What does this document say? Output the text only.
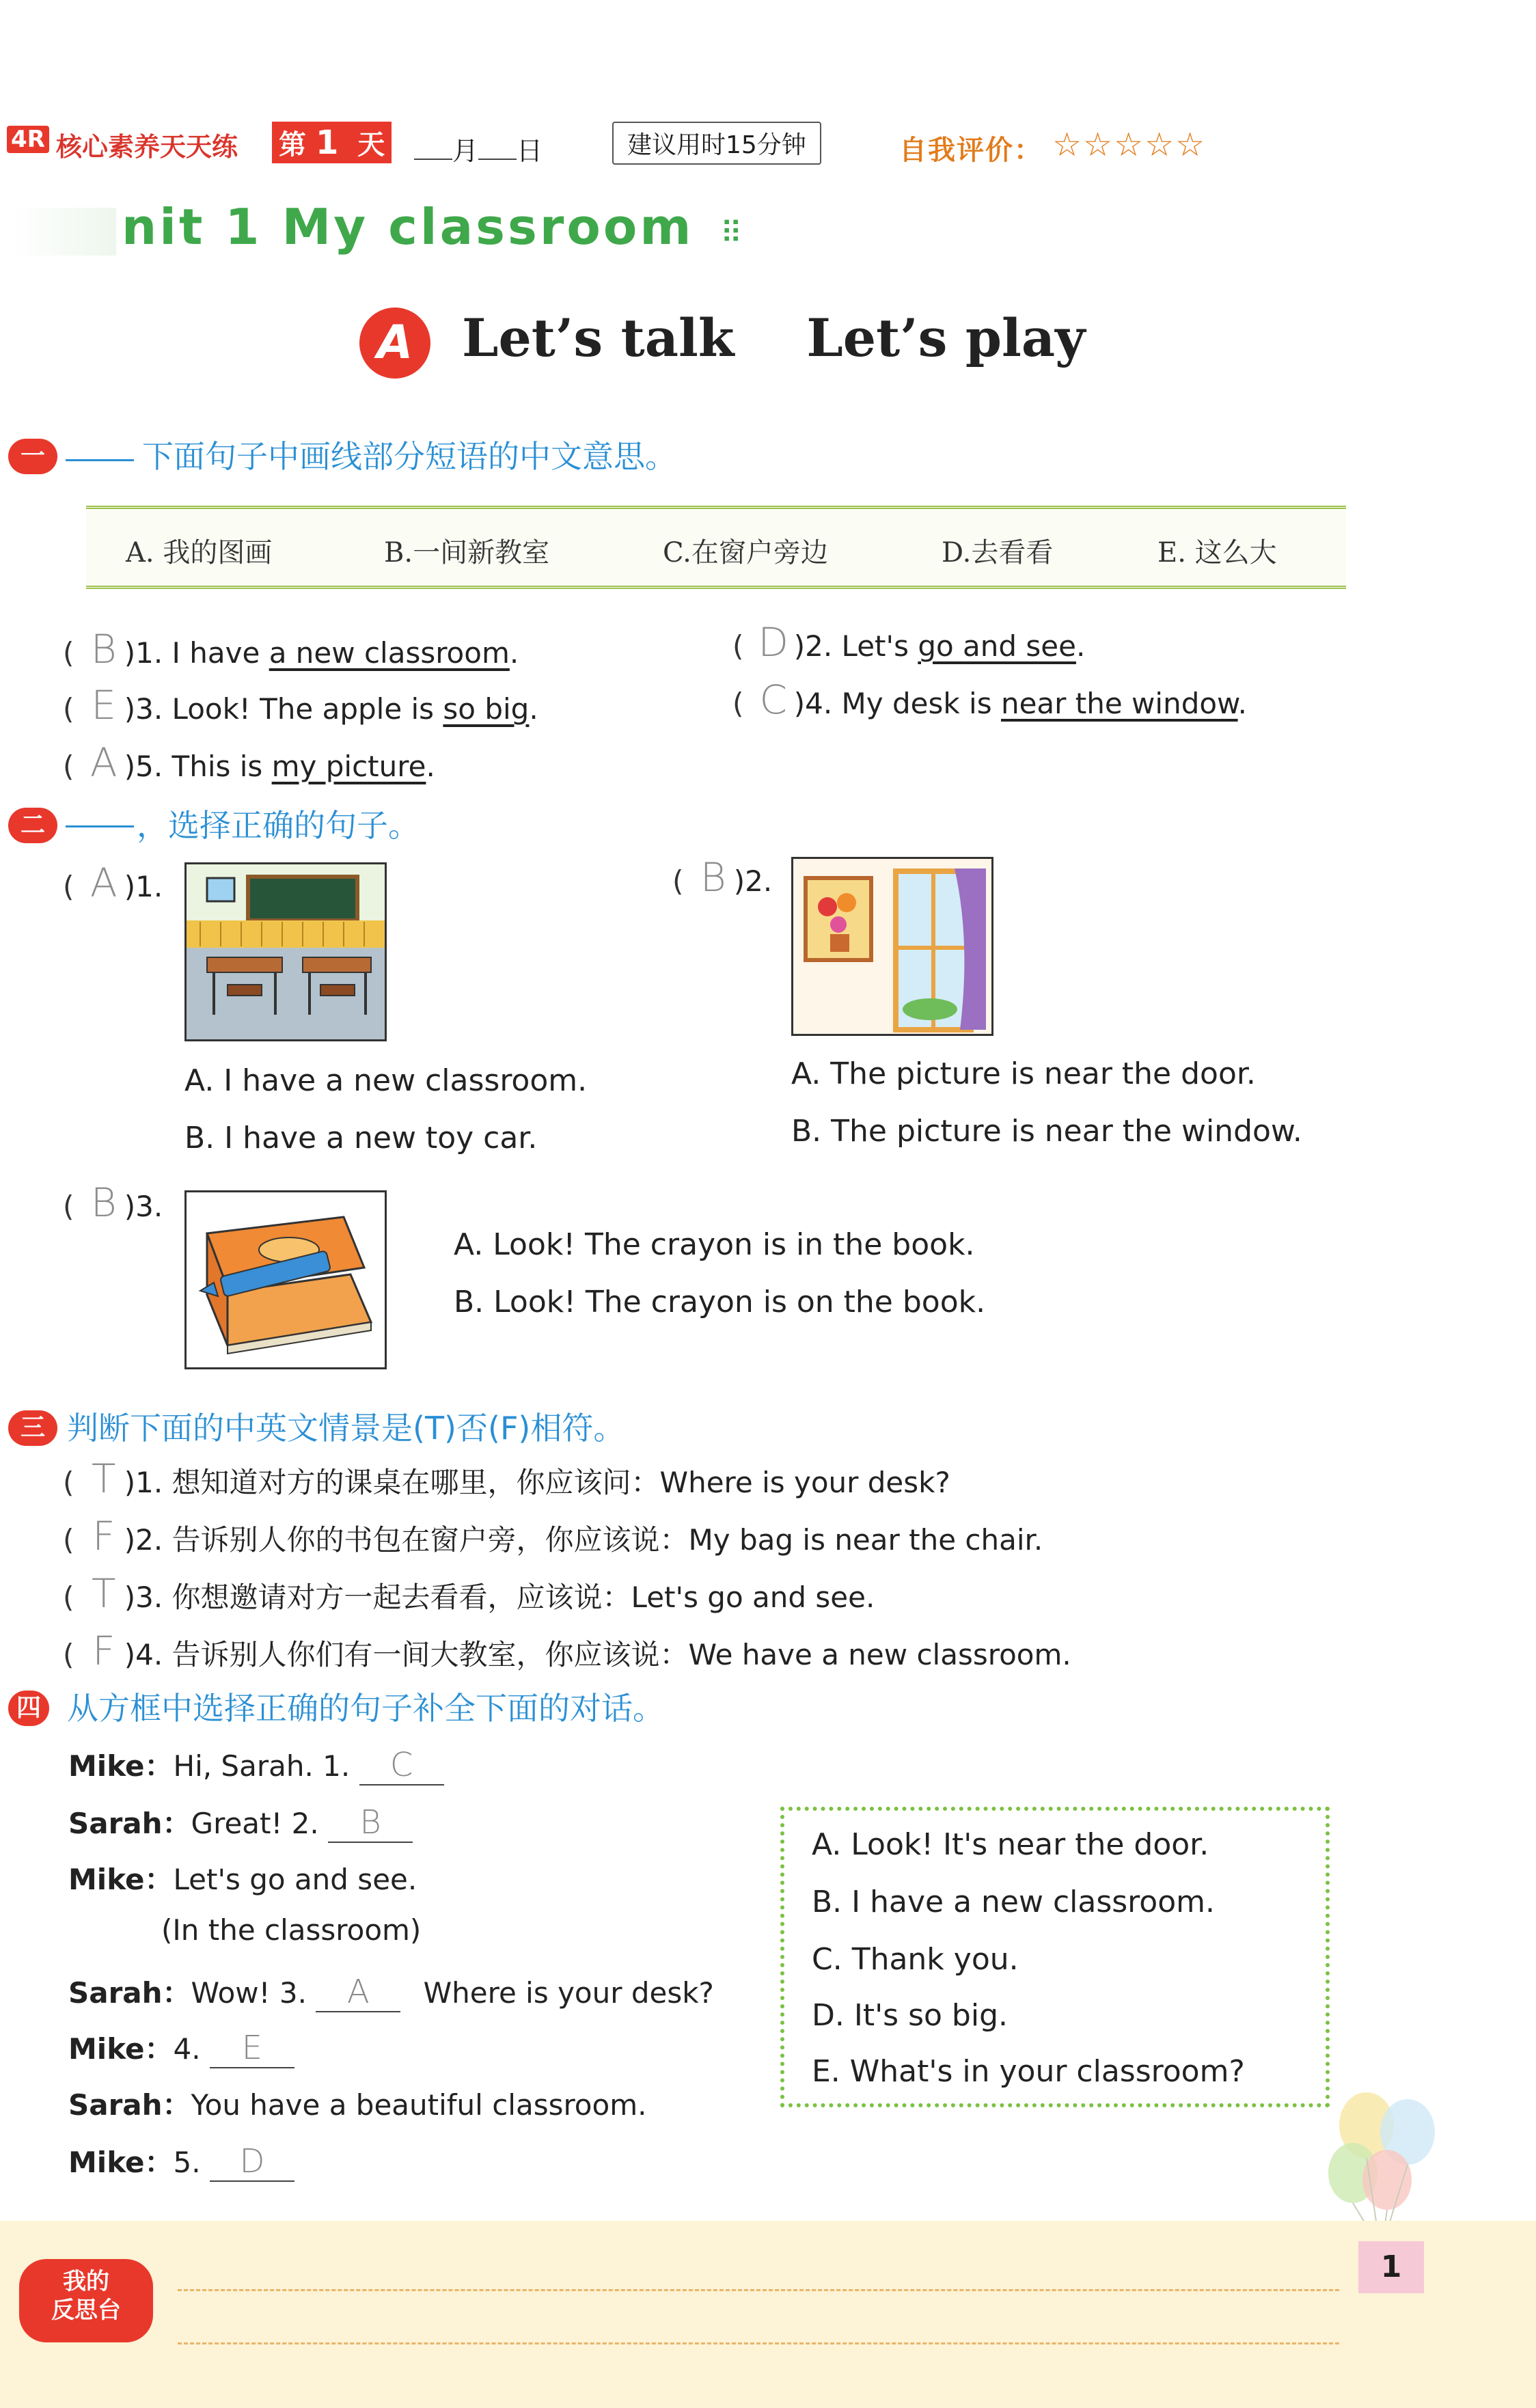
4R 核心素养天天练 第 1 天	月 日	建议用时15分钟	自我评价： ☆☆☆☆☆
nit 1 My classroom ⠿
A Let’s talk    Let’s play
一	下面句子中画线部分短语的中文意思。
A. 我的图画	B.一间新教室	C.在窗户旁边	D.去看看	E. 这么大
( B )1. I have a new classroom.	( D )2. Let's go and see.
( E )3. Look! The apple is so big.	( C )4. My desk is near the window.
( A )5. This is my picture.
二	，选择正确的句子。
( A )1.
A. I have a new classroom.
B. I have a new toy car.
( B )2.
A. The picture is near the door.
B. The picture is near the window.
( B )3.
A. Look! The crayon is in the book.
B. Look! The crayon is on the book.
三 判断下面的中英文情景是(T)否(F)相符。
( T )1. 想知道对方的课桌在哪里，你应该问：Where is your desk?
( F )2. 告诉别人你的书包在窗户旁，你应该说：My bag is near the chair.
( T )3. 你想邀请对方一起去看看，应该说：Let's go and see.
( F )4. 告诉别人你们有一间大教室，你应该说：We have a new classroom.
四 从方框中选择正确的句子补全下面的对话。
Mike：Hi, Sarah. 1. C
Sarah：Great! 2. B
Mike：Let's go and see.
(In the classroom)
Sarah：Wow! 3. A Where is your desk?
Mike：4. E
Sarah：You have a beautiful classroom.
Mike：5. D
A. Look! It's near the door.
B. I have a new classroom.
C. Thank you.
D. It's so big.
E. What's in your classroom?
我的
反思台
1
